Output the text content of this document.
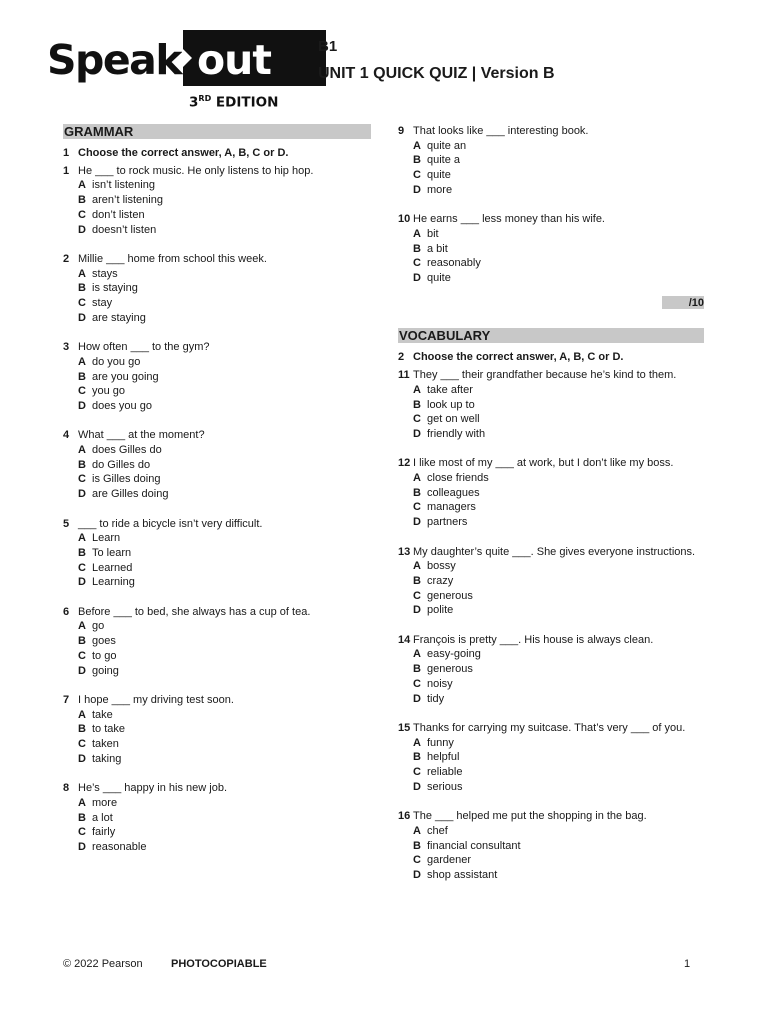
Speak out
3RD EDITION
B1
UNIT 1 QUICK QUIZ | Version B
GRAMMAR
1 Choose the correct answer, A, B, C or D.
1 He ___ to rock music. He only listens to hip hop.
A isn’t listening
B aren’t listening
C don’t listen
D doesn’t listen
2 Millie ___ home from school this week.
A stays
B is staying
C stay
D are staying
3 How often ___ to the gym?
A do you go
B are you going
C you go
D does you go
4 What ___ at the moment?
A does Gilles do
B do Gilles do
C is Gilles doing
D are Gilles doing
5 ___ to ride a bicycle isn’t very difficult.
A Learn
B To learn
C Learned
D Learning
6 Before ___ to bed, she always has a cup of tea.
A go
B goes
C to go
D going
7 I hope ___ my driving test soon.
A take
B to take
C taken
D taking
8 He’s ___ happy in his new job.
A more
B a lot
C fairly
D reasonable
9 That looks like ___ interesting book.
A quite an
B quite a
C quite
D more
10 He earns ___ less money than his wife.
A bit
B a bit
C reasonably
D quite
/10
VOCABULARY
2 Choose the correct answer, A, B, C or D.
11 They ___ their grandfather because he’s kind to them.
A take after
B look up to
C get on well
D friendly with
12 I like most of my ___ at work, but I don’t like my boss.
A close friends
B colleagues
C managers
D partners
13 My daughter’s quite ___. She gives everyone instructions.
A bossy
B crazy
C generous
D polite
14 François is pretty ___. His house is always clean.
A easy-going
B generous
C noisy
D tidy
15 Thanks for carrying my suitcase. That’s very ___ of you.
A funny
B helpful
C reliable
D serious
16 The ___ helped me put the shopping in the bag.
A chef
B financial consultant
C gardener
D shop assistant
© 2022 Pearson	PHOTOCOPIABLE	1
